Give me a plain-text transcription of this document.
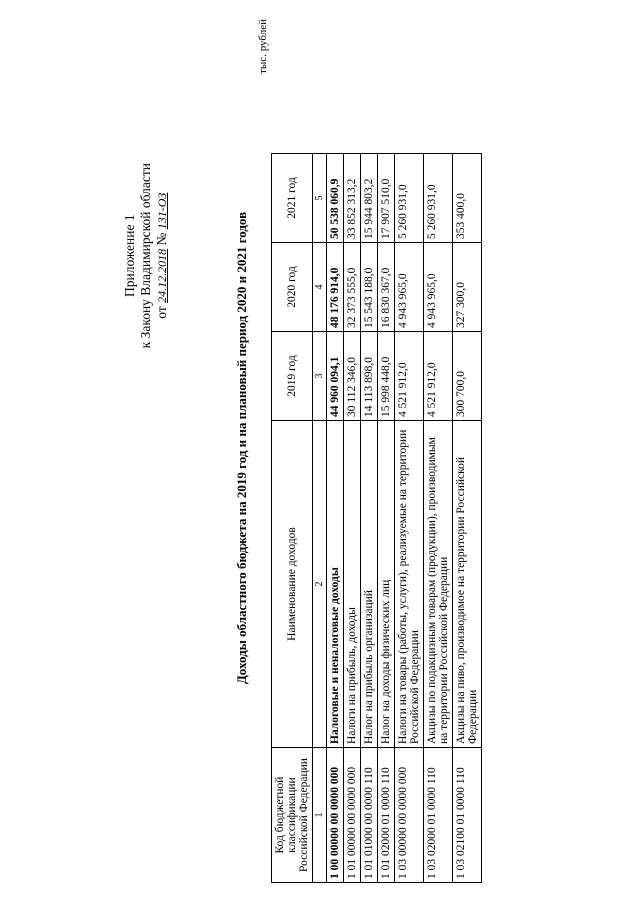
Приложение 1 к Закону Владимирской области от 24.12.2018 № 131-ОЗ
Доходы областного бюджета на 2019 год и на плановый период 2020 и 2021 годов
тыс. рублей
Код бюджетной классификации Российской Федерации	Наименование доходов	2019 год	2020 год	2021 год
1	2	3	4	5
1 00 00000 00 0000 000	Налоговые и неналоговые доходы	44 960 094,1	48 176 914,0	50 538 060,9
1 01 00000 00 0000 000	Налоги на прибыль, доходы	30 112 346,0	32 373 555,0	33 852 313,2
1 01 01000 00 0000 110	Налог на прибыль организаций	14 113 898,0	15 543 188,0	15 944 803,2
1 01 02000 01 0000 110	Налог на доходы физических лиц	15 998 448,0	16 830 367,0	17 907 510,0
1 03 00000 00 0000 000	Налоги на товары (работы, услуги), реализуемые на территории Российской Федерации	4 521 912,0	4 943 965,0	5 260 931,0
1 03 02000 01 0000 110	Акцизы по подакцизным товарам (продукции), производимым на территории Российской Федерации	4 521 912,0	4 943 965,0	5 260 931,0
1 03 02100 01 0000 110	Акцизы на пиво, производимое на территории Российской Федерации	300 700,0	327 300,0	353 400,0
